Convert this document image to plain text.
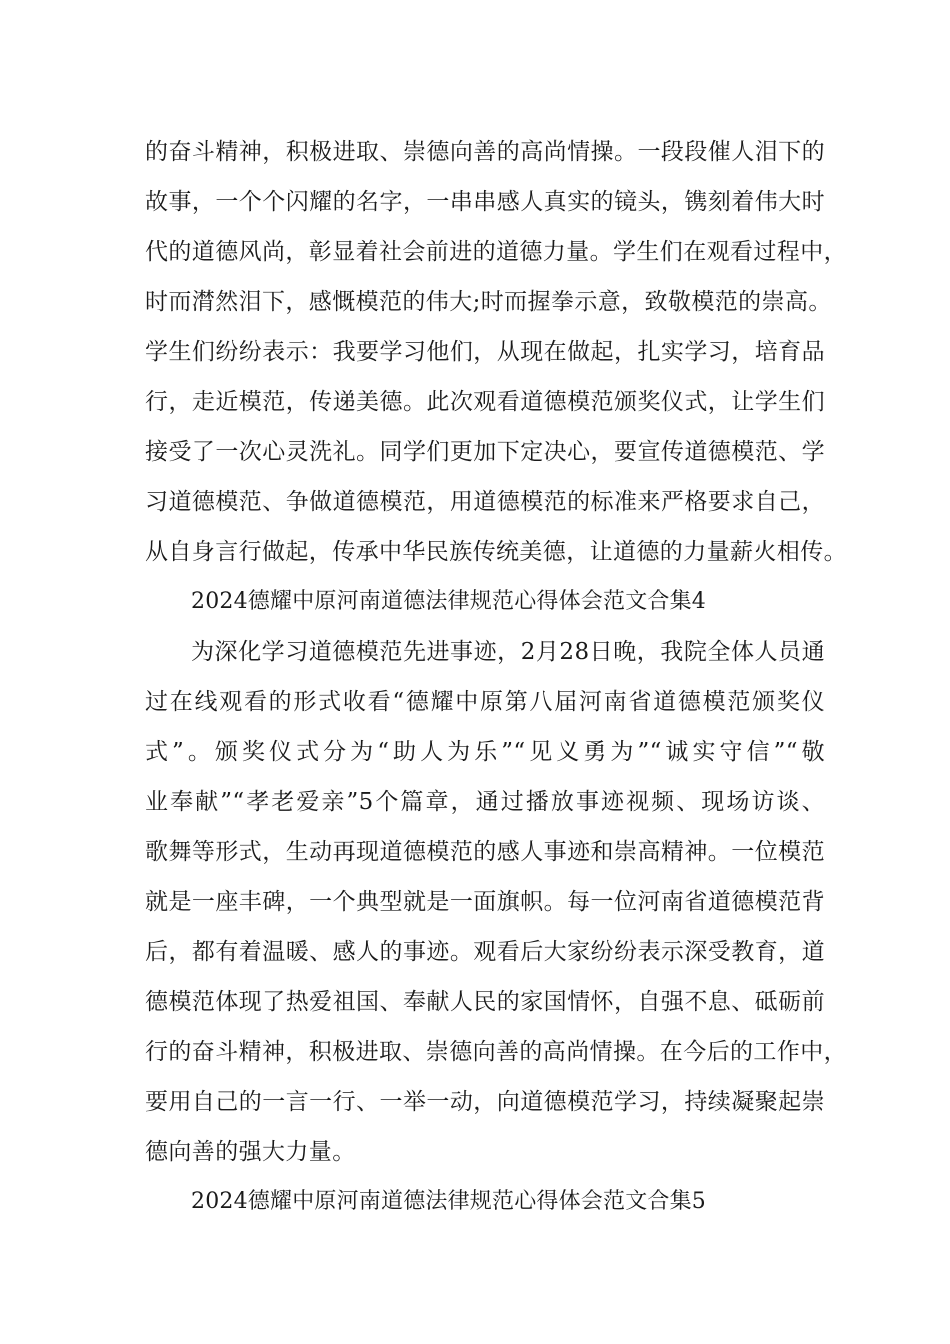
的奋斗精神，积极进取、崇德向善的高尚情操。一段段催人泪下的
故事，一个个闪耀的名字，一串串感人真实的镜头，镌刻着伟大时
代的道德风尚，彰显着社会前进的道德力量。学生们在观看过程中，
时而潸然泪下，感慨模范的伟大;时而握拳示意，致敬模范的崇高。
学生们纷纷表示：我要学习他们，从现在做起，扎实学习，培育品
行，走近模范，传递美德。此次观看道德模范颁奖仪式，让学生们
接受了一次心灵洗礼。同学们更加下定决心，要宣传道德模范、学
习道德模范、争做道德模范，用道德模范的标准来严格要求自己，
从自身言行做起，传承中华民族传统美德，让道德的力量薪火相传。
2024德耀中原河南道德法律规范心得体会范文合集4
为深化学习道德模范先进事迹，2月28日晚，我院全体人员通
过在线观看的形式收看“德耀中原第八届河南省道德模范颁奖仪
式”。颁奖仪式分为“助人为乐”“见义勇为”“诚实守信”“敬
业奉献”“孝老爱亲”5个篇章，通过播放事迹视频、现场访谈、
歌舞等形式，生动再现道德模范的感人事迹和崇高精神。一位模范
就是一座丰碑，一个典型就是一面旗帜。每一位河南省道德模范背
后，都有着温暖、感人的事迹。观看后大家纷纷表示深受教育，道
德模范体现了热爱祖国、奉献人民的家国情怀，自强不息、砥砺前
行的奋斗精神，积极进取、崇德向善的高尚情操。在今后的工作中，
要用自己的一言一行、一举一动，向道德模范学习，持续凝聚起崇
德向善的强大力量。
2024德耀中原河南道德法律规范心得体会范文合集5
